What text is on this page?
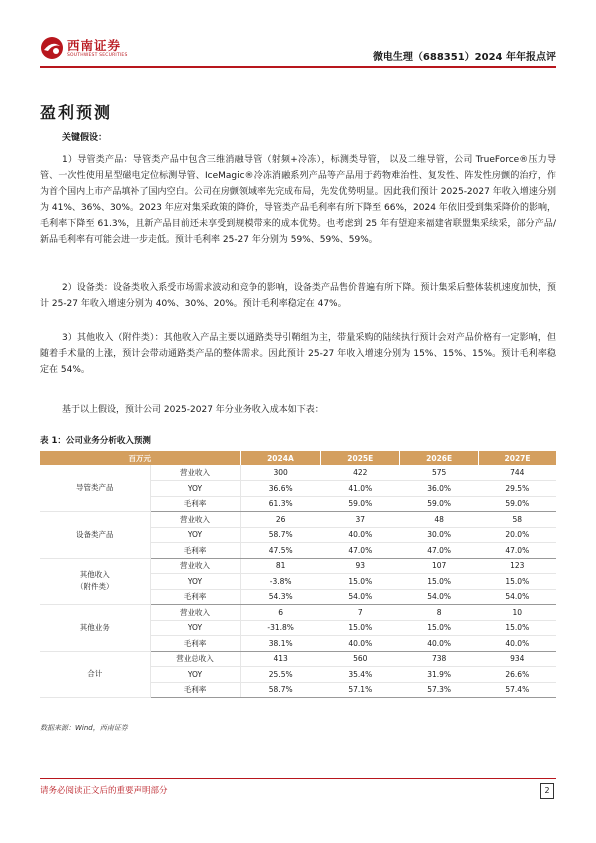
西南证券
SOUTHWEST SECURITIES	微电生理（688351）2024 年年报点评
盈利预测

关键假设：

1）导管类产品：导管类产品中包含三维消融导管（射频+冷冻），标测类导管， 以及二维导管，公司 TrueForce®压力导管、一次性使用星型磁电定位标测导管、IceMagic®冷冻消融系列产品等产品用于药物难治性、复发性、阵发性房颤的治疗，作为首个国内上市产品填补了国内空白。公司在房颤领域率先完成布局，先发优势明显。因此我们预计 2025-2027 年收入增速分别为 41%、36%、30%。2023 年应对集采政策的降价，导管类产品毛利率有所下降至 66%，2024 年依旧受到集采降价的影响，毛利率下降至 61.3%，且新产品目前还未享受到规模带来的成本优势。也考虑到 25 年有望迎来福建省联盟集采续采，部分产品/新品毛利率有可能会进一步走低。预计毛利率 25-27 年分别为 59%、59%、59%。

2）设备类：设备类收入系受市场需求波动和竞争的影响，设备类产品售价普遍有所下降。预计集采后整体装机速度加快，预计 25-27 年收入增速分别为 40%、30%、20%。预计毛利率稳定在 47%。

3）其他收入（附件类）：其他收入产品主要以通路类导引鞘组为主，带量采购的陆续执行预计会对产品价格有一定影响，但随着手术量的上涨，预计会带动通路类产品的整体需求。因此预计 25-27 年收入增速分别为 15%、15%、15%。预计毛利率稳定在 54%。

基于以上假设，预计公司 2025-2027 年分业务收入成本如下表：

表 1：公司业务分析收入预测
百万元		2024A	2025E	2026E	2027E

导管类产品	营业收入	300	422	575	744
	YOY	36.6%	41.0%	36.0%	29.5%
	毛利率	61.3%	59.0%	59.0%	59.0%

设备类产品	营业收入	26	37	48	58
	YOY	58.7%	40.0%	30.0%	20.0%
	毛利率	47.5%	47.0%	47.0%	47.0%

其他收入
（附件类）	营业收入	81	93	107	123
	YOY	-3.8%	15.0%	15.0%	15.0%
	毛利率	54.3%	54.0%	54.0%	54.0%

其他业务	营业收入	6	7	8	10
	YOY	-31.8%	15.0%	15.0%	15.0%
	毛利率	38.1%	40.0%	40.0%	40.0%

合计	营业总收入	413	560	738	934
	YOY	25.5%	35.4%	31.9%	26.6%
	毛利率	58.7%	57.1%	57.3%	57.4%
数据来源：Wind，西南证券
请务必阅读正文后的重要声明部分	2
